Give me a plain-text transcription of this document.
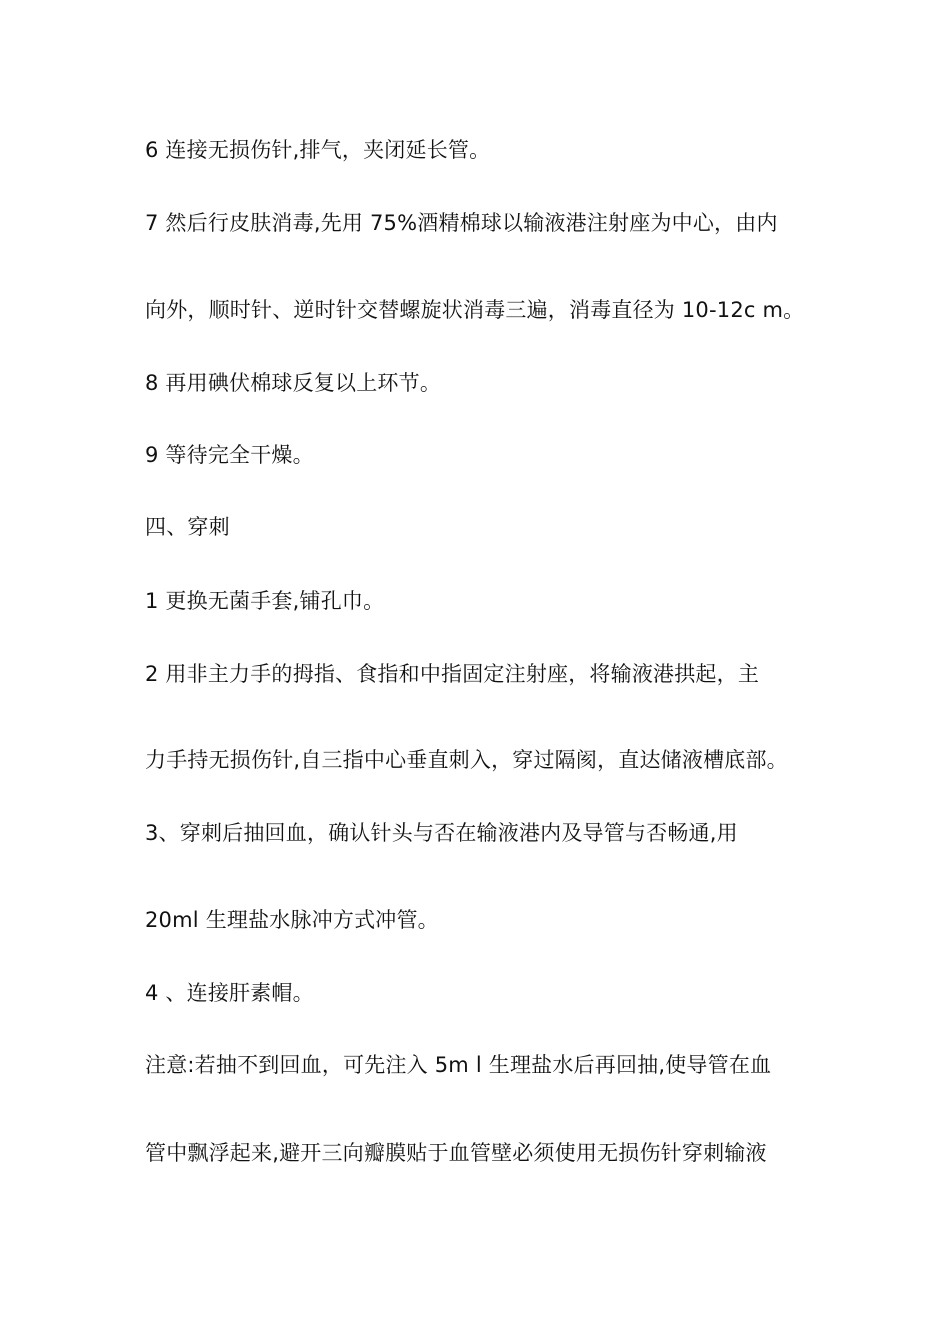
6 连接无损伤针,排气，夹闭延长管。
7 然后行皮肤消毒,先用 75%酒精棉球以输液港注射座为中心，由内
向外，顺时针、逆时针交替螺旋状消毒三遍，消毒直径为 10-12c m。
8 再用碘伏棉球反复以上环节。
9 等待完全干燥。
四、穿刺
1 更换无菌手套,铺孔巾。
2 用非主力手的拇指、食指和中指固定注射座，将输液港拱起，主
力手持无损伤针,自三指中心垂直刺入，穿过隔阂，直达储液槽底部。
3、穿刺后抽回血，确认针头与否在输液港内及导管与否畅通,用
20ml 生理盐水脉冲方式冲管。
4 、连接肝素帽。
注意:若抽不到回血，可先注入 5m l 生理盐水后再回抽,使导管在血
管中飘浮起来,避开三向瓣膜贴于血管壁必须使用无损伤针穿刺输液
